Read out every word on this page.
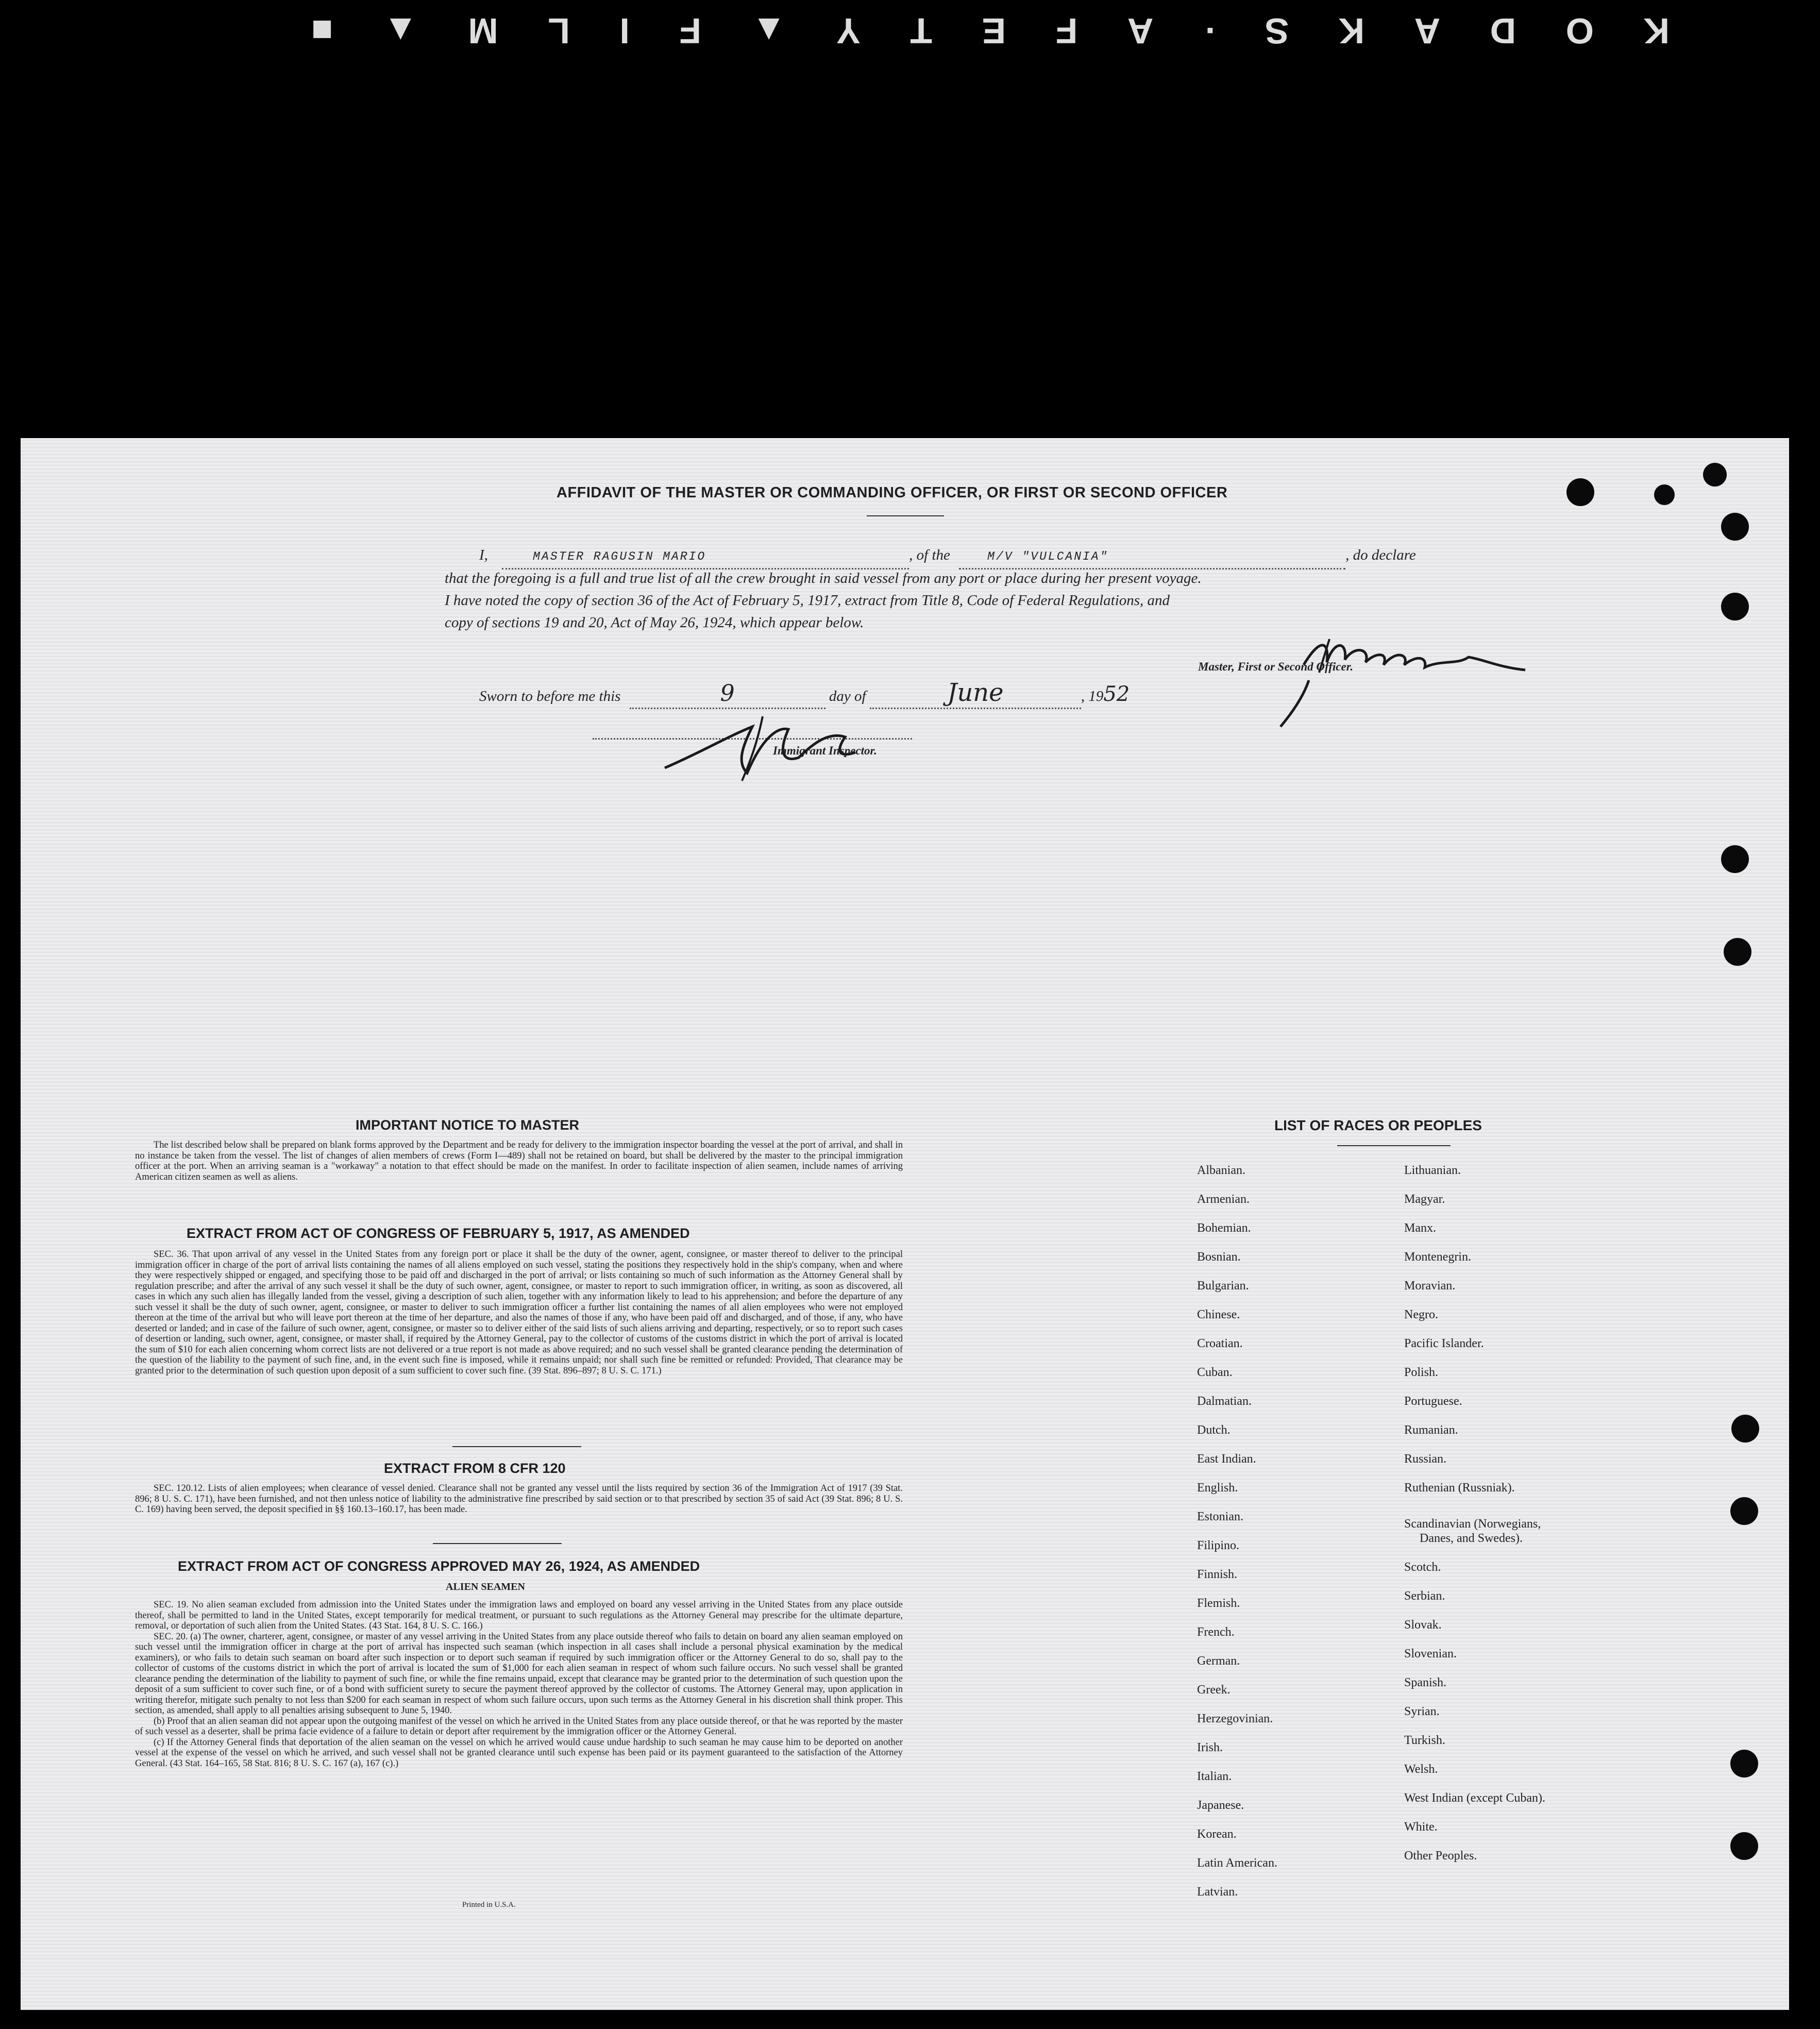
K
O
D
A
K
S
·
A
F
E
T
Y
▲
F
I
L
M
▲
■
AFFIDAVIT OF THE MASTER OR COMMANDING OFFICER, OR FIRST OR SECOND OFFICER
I,	MASTER RAGUSIN MARIO	, of the	M/V "VULCANIA"	, do declare
that the foregoing is a full and true list of all the crew brought in said vessel from any port or place during her present voyage.
I have noted the copy of section 36 of the Act of February 5, 1917, extract from Title 8, Code of Federal Regulations, and
copy of sections 19 and 20, Act of May 26, 1924, which appear below.
Master, First or Second Officer.
Sworn to before me this	9	day of	June	, 1952
Immigrant Inspector.
IMPORTANT NOTICE TO MASTER
The list described below shall be prepared on blank forms approved by the Department and be ready for delivery to the immigration inspector boarding the vessel at the port of arrival, and shall in no instance be taken from the vessel. The list of changes of alien members of crews (Form I—489) shall not be retained on board, but shall be delivered by the master to the principal immigration officer at the port. When an arriving seaman is a "workaway" a notation to that effect should be made on the manifest. In order to facilitate inspection of alien seamen, include names of arriving American citizen seamen as well as aliens.
EXTRACT FROM ACT OF CONGRESS OF FEBRUARY 5, 1917, AS AMENDED
SEC. 36. That upon arrival of any vessel in the United States from any foreign port or place it shall be the duty of the owner, agent, consignee, or master thereof to deliver to the principal immigration officer in charge of the port of arrival lists containing the names of all aliens employed on such vessel, stating the positions they respectively hold in the ship's company, when and where they were respectively shipped or engaged, and specifying those to be paid off and discharged in the port of arrival; or lists containing so much of such information as the Attorney General shall by regulation prescribe; and after the arrival of any such vessel it shall be the duty of such owner, agent, consignee, or master to report to such immigration officer, in writing, as soon as discovered, all cases in which any such alien has illegally landed from the vessel, giving a description of such alien, together with any information likely to lead to his apprehension; and before the departure of any such vessel it shall be the duty of such owner, agent, consignee, or master to deliver to such immigration officer a further list containing the names of all alien employees who were not employed thereon at the time of the arrival but who will leave port thereon at the time of her departure, and also the names of those if any, who have been paid off and discharged, and of those, if any, who have deserted or landed; and in case of the failure of such owner, agent, consignee, or master so to deliver either of the said lists of such aliens arriving and departing, respectively, or so to report such cases of desertion or landing, such owner, agent, consignee, or master shall, if required by the Attorney General, pay to the collector of customs of the customs district in which the port of arrival is located the sum of $10 for each alien concerning whom correct lists are not delivered or a true report is not made as above required; and no such vessel shall be granted clearance pending the determination of the question of the liability to the payment of such fine, and, in the event such fine is imposed, while it remains unpaid; nor shall such fine be remitted or refunded: Provided, That clearance may be granted prior to the determination of such question upon deposit of a sum sufficient to cover such fine. (39 Stat. 896–897; 8 U. S. C. 171.)
EXTRACT FROM 8 CFR 120
SEC. 120.12. Lists of alien employees; when clearance of vessel denied. Clearance shall not be granted any vessel until the lists required by section 36 of the Immigration Act of 1917 (39 Stat. 896; 8 U. S. C. 171), have been furnished, and not then unless notice of liability to the administrative fine prescribed by said section or to that prescribed by section 35 of said Act (39 Stat. 896; 8 U. S. C. 169) having been served, the deposit specified in §§ 160.13–160.17, has been made.
EXTRACT FROM ACT OF CONGRESS APPROVED MAY 26, 1924, AS AMENDED
ALIEN SEAMEN
SEC. 19. No alien seaman excluded from admission into the United States under the immigration laws and employed on board any vessel arriving in the United States from any place outside thereof, shall be permitted to land in the United States, except temporarily for medical treatment, or pursuant to such regulations as the Attorney General may prescribe for the ultimate departure, removal, or deportation of such alien from the United States. (43 Stat. 164, 8 U. S. C. 166.)
SEC. 20. (a) The owner, charterer, agent, consignee, or master of any vessel arriving in the United States from any place outside thereof who fails to detain on board any alien seaman employed on such vessel until the immigration officer in charge at the port of arrival has inspected such seaman (which inspection in all cases shall include a personal physical examination by the medical examiners), or who fails to detain such seaman on board after such inspection or to deport such seaman if required by such immigration officer or the Attorney General to do so, shall pay to the collector of customs of the customs district in which the port of arrival is located the sum of $1,000 for each alien seaman in respect of whom such failure occurs. No such vessel shall be granted clearance pending the determination of the liability to payment of such fine, or while the fine remains unpaid, except that clearance may be granted prior to the determination of such question upon the deposit of a sum sufficient to cover such fine, or of a bond with sufficient surety to secure the payment thereof approved by the collector of customs. The Attorney General may, upon application in writing therefor, mitigate such penalty to not less than $200 for each seaman in respect of whom such failure occurs, upon such terms as the Attorney General in his discretion shall think proper. This section, as amended, shall apply to all penalties arising subsequent to June 5, 1940.
(b) Proof that an alien seaman did not appear upon the outgoing manifest of the vessel on which he arrived in the United States from any place outside thereof, or that he was reported by the master of such vessel as a deserter, shall be prima facie evidence of a failure to detain or deport after requirement by the immigration officer or the Attorney General.
(c) If the Attorney General finds that deportation of the alien seaman on the vessel on which he arrived would cause undue hardship to such seaman he may cause him to be deported on another vessel at the expense of the vessel on which he arrived, and such vessel shall not be granted clearance until such expense has been paid or its payment guaranteed to the satisfaction of the Attorney General. (43 Stat. 164–165, 58 Stat. 816; 8 U. S. C. 167 (a), 167 (c).)
Printed in U.S.A.
LIST OF RACES OR PEOPLES
Albanian.
Armenian.
Bohemian.
Bosnian.
Bulgarian.
Chinese.
Croatian.
Cuban.
Dalmatian.
Dutch.
East Indian.
English.
Estonian.
Filipino.
Finnish.
Flemish.
French.
German.
Greek.
Herzegovinian.
Irish.
Italian.
Japanese.
Korean.
Latin American.
Latvian.
Lithuanian.
Magyar.
Manx.
Montenegrin.
Moravian.
Negro.
Pacific Islander.
Polish.
Portuguese.
Rumanian.
Russian.
Ruthenian (Russniak).
Scandinavian (Norwegians,
Danes, and Swedes).
Scotch.
Serbian.
Slovak.
Slovenian.
Spanish.
Syrian.
Turkish.
Welsh.
West Indian (except Cuban).
White.
Other Peoples.
